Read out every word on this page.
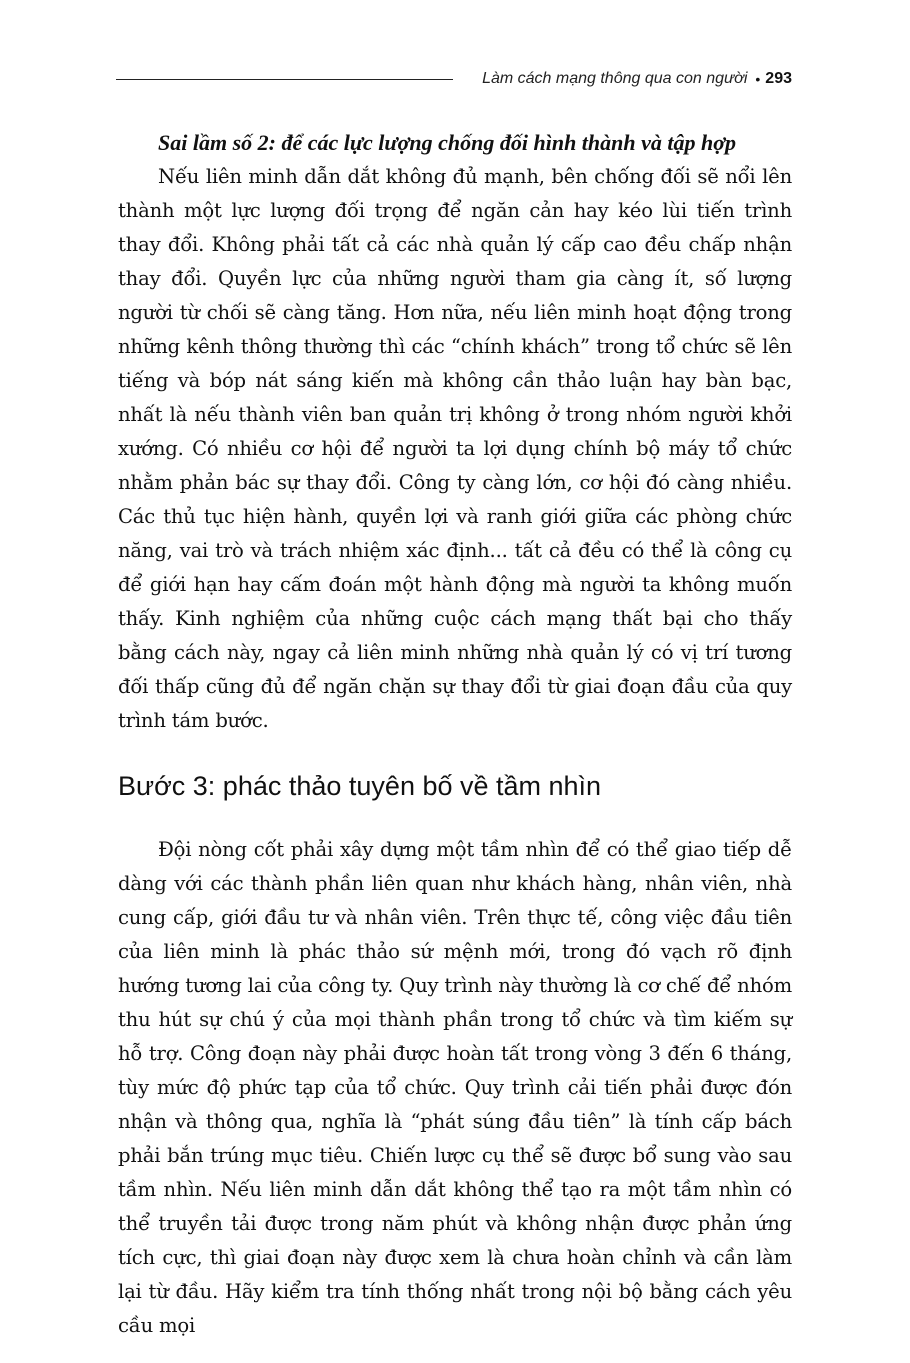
Làm cách mạng thông qua con người • 293
Sai lầm số 2: để các lực lượng chống đối hình thành và tập hợp

Nếu liên minh dẫn dắt không đủ mạnh, bên chống đối sẽ nổi lên thành một lực lượng đối trọng để ngăn cản hay kéo lùi tiến trình thay đổi. Không phải tất cả các nhà quản lý cấp cao đều chấp nhận thay đổi. Quyền lực của những người tham gia càng ít, số lượng người từ chối sẽ càng tăng. Hơn nữa, nếu liên minh hoạt động trong những kênh thông thường thì các “chính khách” trong tổ chức sẽ lên tiếng và bóp nát sáng kiến mà không cần thảo luận hay bàn bạc, nhất là nếu thành viên ban quản trị không ở trong nhóm người khởi xướng. Có nhiều cơ hội để người ta lợi dụng chính bộ máy tổ chức nhằm phản bác sự thay đổi. Công ty càng lớn, cơ hội đó càng nhiều. Các thủ tục hiện hành, quyền lợi và ranh giới giữa các phòng chức năng, vai trò và trách nhiệm xác định... tất cả đều có thể là công cụ để giới hạn hay cấm đoán một hành động mà người ta không muốn thấy. Kinh nghiệm của những cuộc cách mạng thất bại cho thấy bằng cách này, ngay cả liên minh những nhà quản lý có vị trí tương đối thấp cũng đủ để ngăn chặn sự thay đổi từ giai đoạn đầu của quy trình tám bước.

Bước 3: phác thảo tuyên bố về tầm nhìn

Đội nòng cốt phải xây dựng một tầm nhìn để có thể giao tiếp dễ dàng với các thành phần liên quan như khách hàng, nhân viên, nhà cung cấp, giới đầu tư và nhân viên. Trên thực tế, công việc đầu tiên của liên minh là phác thảo sứ mệnh mới, trong đó vạch rõ định hướng tương lai của công ty. Quy trình này thường là cơ chế để nhóm thu hút sự chú ý của mọi thành phần trong tổ chức và tìm kiếm sự hỗ trợ. Công đoạn này phải được hoàn tất trong vòng 3 đến 6 tháng, tùy mức độ phức tạp của tổ chức. Quy trình cải tiến phải được đón nhận và thông qua, nghĩa là “phát súng đầu tiên” là tính cấp bách phải bắn trúng mục tiêu. Chiến lược cụ thể sẽ được bổ sung vào sau tầm nhìn. Nếu liên minh dẫn dắt không thể tạo ra một tầm nhìn có thể truyền tải được trong năm phút và không nhận được phản ứng tích cực, thì giai đoạn này được xem là chưa hoàn chỉnh và cần làm lại từ đầu. Hãy kiểm tra tính thống nhất trong nội bộ bằng cách yêu cầu mọi
